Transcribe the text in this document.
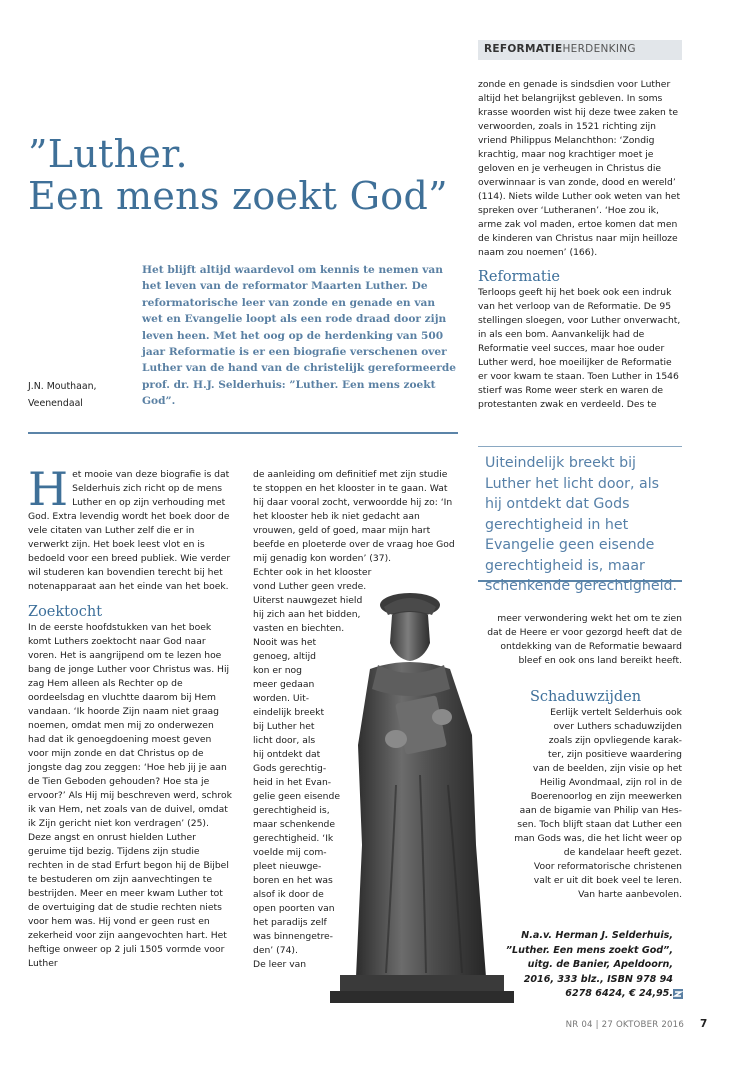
REFORMATIEHERDENKING
”Luther.
Een mens zoekt God”
Het blijft altijd waardevol om kennis te nemen van het leven van de reformator Maarten Luther. De reformatorische leer van zonde en genade en van wet en Evangelie loopt als een rode draad door zijn leven heen. Met het oog op de herdenking van 500 jaar Reformatie is er een biografie verschenen over Luther van de hand van de christelijk gereformeerde prof. dr. H.J. Selderhuis: ”Luther. Een mens zoekt God”.
J.N. Mouthaan,
Veenendaal

Het mooie van deze biografie is dat Selderhuis zich richt op de mens Luther en op zijn verhouding met God. Extra levendig wordt het boek door de vele citaten van Luther zelf die er in verwerkt zijn. Het boek leest vlot en is bedoeld voor een breed publiek. Wie verder wil studeren kan bovendien terecht bij het notenapparaat aan het einde van het boek.

Zoektocht

In de eerste hoofdstukken van het boek komt Luthers zoektocht naar God naar voren. Het is aangrijpend om te lezen hoe bang de jonge Luther voor Christus was. Hij zag Hem alleen als Rechter op de oordeelsdag en vluchtte daarom bij Hem vandaan. ‘Ik hoorde Zijn naam niet graag noemen, omdat men mij zo onderwezen had dat ik genoegdoening moest geven voor mijn zonde en dat Christus op de jongste dag zou zeggen: ‘Hoe heb jij je aan de Tien Geboden gehouden? Hoe sta je ervoor?’ Als Hij mij beschreven werd, schrok ik van Hem, net zoals van de duivel, omdat ik Zijn gericht niet kon verdragen’ (25).

Deze angst en onrust hielden Luther geruime tijd bezig. Tijdens zijn studie rechten in de stad Erfurt begon hij de Bijbel te bestuderen om zijn aanvechtingen te bestrijden. Meer en meer kwam Luther tot de overtuiging dat de studie rechten niets voor hem was. Hij vond er geen rust en zekerheid voor zijn aangevochten hart. Het heftige onweer op 2 juli 1505 vormde voor Luther

de aanleiding om definitief met zijn studie te stoppen en het klooster in te gaan. Wat hij daar vooral zocht, verwoordde hij zo: ‘In het klooster heb ik niet gedacht aan vrouwen, geld of goed, maar mijn hart beefde en ploeterde over de vraag hoe God mij genadig kon worden’ (37).

Echter ook in het klooster
vond Luther geen vrede.
Uiterst nauwgezet hield
hij zich aan het bidden,
vasten en biechten.
Nooit was het
genoeg, altijd
kon er nog
meer gedaan
worden. Uit-
eindelijk breekt
bij Luther het
licht door, als
hij ontdekt dat
Gods gerechtig-
heid in het Evan-
gelie geen eisende
gerechtigheid is,
maar schenkende
gerechtigheid. ‘Ik
voelde mij com-
pleet nieuwge-
boren en het was
alsof ik door de
open poorten van
het paradijs zelf
was binnengetre-
den’ (74).
De leer van

zonde en genade is sindsdien voor Luther altijd het belangrijkst gebleven. In soms krasse woorden wist hij deze twee zaken te verwoorden, zoals in 1521 richting zijn vriend Philippus Melanchthon: ‘Zondig krachtig, maar nog krachtiger moet je geloven en je verheugen in Christus die overwinnaar is van zonde, dood en wereld’ (114). Niets wilde Luther ook weten van het spreken over ‘Lutheranen’. ‘Hoe zou ik, arme zak vol maden, ertoe komen dat men de kinderen van Christus naar mijn heilloze naam zou noemen’ (166).

Reformatie

Terloops geeft hij het boek ook een indruk van het verloop van de Reformatie. De 95 stellingen sloegen, voor Luther onverwacht, in als een bom. Aanvankelijk had de Reformatie veel succes, maar hoe ouder Luther werd, hoe moeilijker de Reformatie er voor kwam te staan. Toen Luther in 1546 stierf was Rome weer sterk en waren de protestanten zwak en verdeeld. Des te

Uiteindelijk breekt bij Luther het licht door, als hij ontdekt dat Gods gerechtigheid in het Evangelie geen eisende gerechtigheid is, maar schenkende gerechtigheid.
meer verwondering wekt het om te zien
dat de Heere er voor gezorgd heeft dat de
ontdekking van de Reformatie bewaard
bleef en ook ons land bereikt heeft.
Schaduwzijden
Eerlijk vertelt Selderhuis ook
over Luthers schaduwzijden
zoals zijn opvliegende karak-
ter, zijn positieve waardering
van de beelden, zijn visie op het
Heilig Avondmaal, zijn rol in de
Boerenoorlog en zijn meewerken
aan de bigamie van Philip van Hes-
sen. Toch blijft staan dat Luther een
man Gods was, die het licht weer op
de kandelaar heeft gezet.
Voor reformatorische christenen
valt er uit dit boek veel te leren.
Van harte aanbevolen.
N.a.v. Herman J. Selderhuis,
”Luther. Een mens zoekt God”,
uitg. de Banier, Apeldoorn,
2016, 333 blz., ISBN 978 94
6278 6424, € 24,95.
NR 04 | 27 OKTOBER 2016 7
